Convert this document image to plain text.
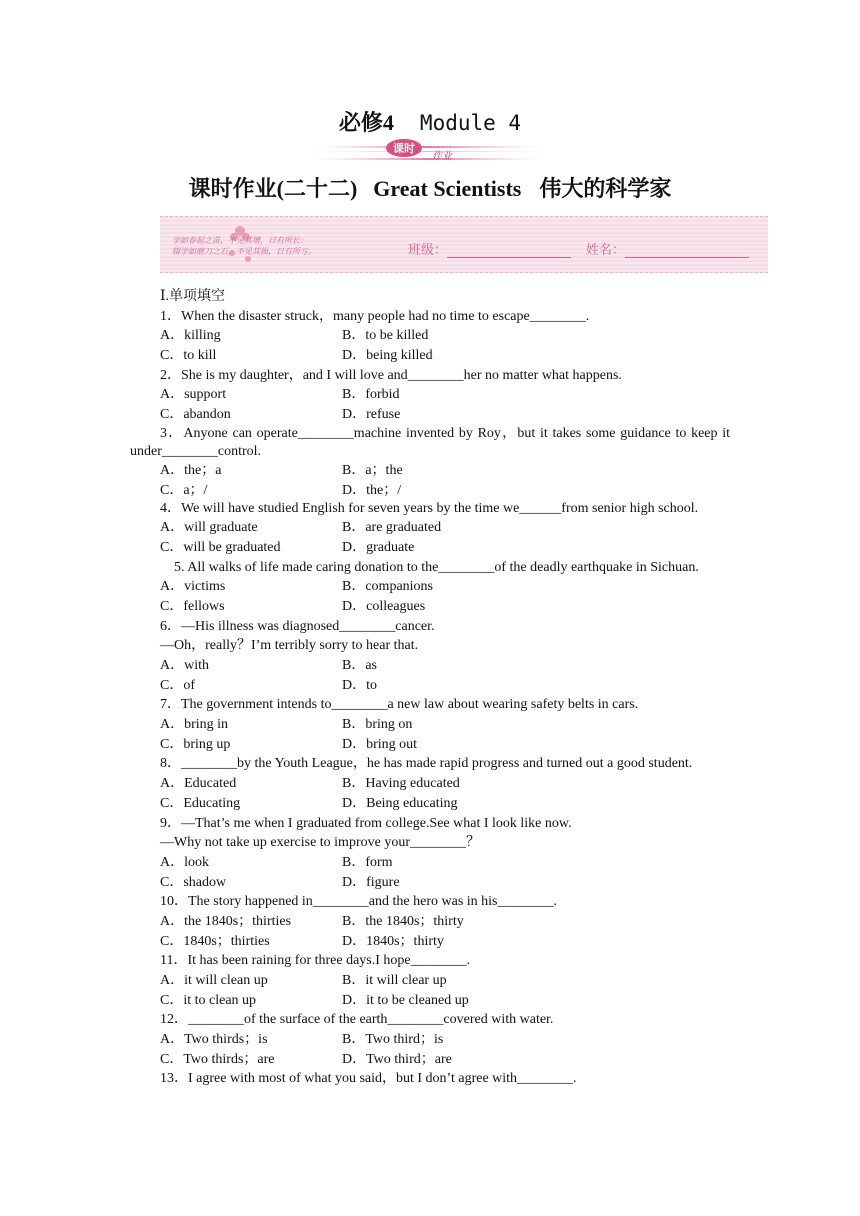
必修4 Module 4
课时
作业
课时作业(二十二) Great Scientists 伟大的科学家
学如春起之苗，不见其增，日有所长；
辍学如磨刀之石，不见其损，日有所亏。	班级：	姓名：
Ⅰ.单项填空
1．When the disaster struck，many people had no time to escape________.
A．killing	B．to be killed
C．to kill	D．being killed
2．She is my daughter，and I will love and________her no matter what happens.
A．support	B．forbid
C．abandon	D．refuse
3．Anyone can operate________machine invented by Roy，but it takes some guidance to keep it under________control.
A．the；a	B．a；the
C．a；/	D．the；/
4．We will have studied English for seven years by the time we______from senior high school.
A．will graduate	B．are graduated
C．will be graduated	D．graduate
5. All walks of life made caring donation to the________of the deadly earthquake in Sichuan.
A．victims	B．companions
C．fellows	D．colleagues
6．—His illness was diagnosed________cancer.
—Oh，really？I’m terribly sorry to hear that.
A．with	B．as
C．of	D．to
7．The government intends to________a new law about wearing safety belts in cars.
A．bring in	B．bring on
C．bring up	D．bring out
8．________by the Youth League，he has made rapid progress and turned out a good student.
A．Educated	B．Having educated
C．Educating	D．Being educating
9．—That’s me when I graduated from college.See what I look like now.
—Why not take up exercise to improve your________？
A．look	B．form
C．shadow	D．figure
10．The story happened in________and the hero was in his________.
A．the 1840s；thirties	B．the 1840s；thirty
C．1840s；thirties	D．1840s；thirty
11．It has been raining for three days.I hope________.
A．it will clean up	B．it will clear up
C．it to clean up	D．it to be cleaned up
12．________of the surface of the earth________covered with water.
A．Two thirds；is	B．Two third；is
C．Two thirds；are	D．Two third；are
13．I agree with most of what you said，but I don’t agree with________.
